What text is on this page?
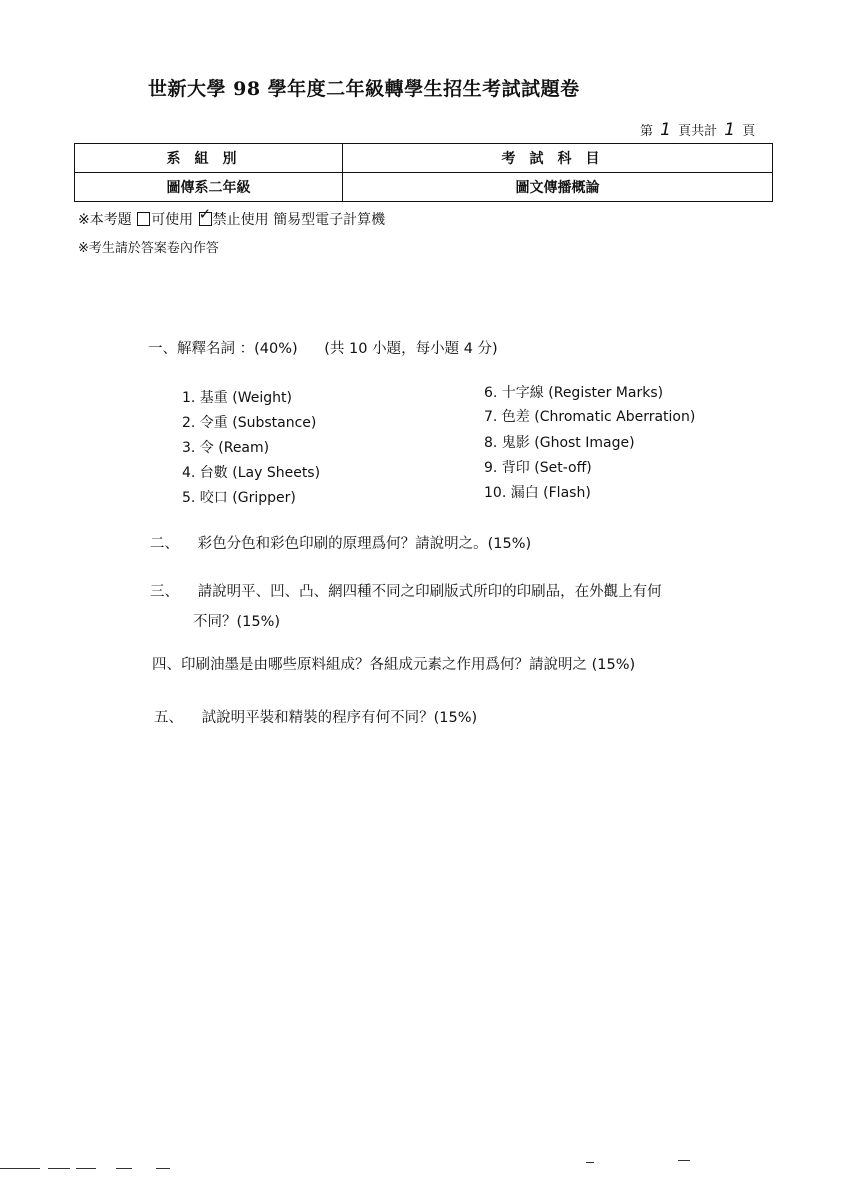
世新大學 98 學年度二年級轉學生招生考試試題卷
第 1 頁共計 1 頁
系組別	考試科目
圖傳系二年級	圖文傳播概論
※本考題 可使用 ✓ 禁止使用 簡易型電子計算機
※考生請於答案卷內作答
一、解釋名詞 ：(40%) (共 10 小題，每小題 4 分)
1. 基重 (Weight)
2. 令重 (Substance)
3. 令 (Ream)
4. 台數 (Lay Sheets)
5. 咬口 (Gripper)
6. 十字線 (Register Marks)
7. 色差 (Chromatic Aberration)
8. 鬼影 (Ghost Image)
9. 背印 (Set-off)
10. 漏白 (Flash)
二、 彩色分色和彩色印刷的原理爲何？請說明之。(15%)
三、 請說明平、凹、凸、網四種不同之印刷版式所印的印刷品，在外觀上有何
不同？(15%)
四、印刷油墨是由哪些原料組成？各組成元素之作用爲何？請說明之 (15%)
五、 試說明平裝和精裝的程序有何不同？(15%)
